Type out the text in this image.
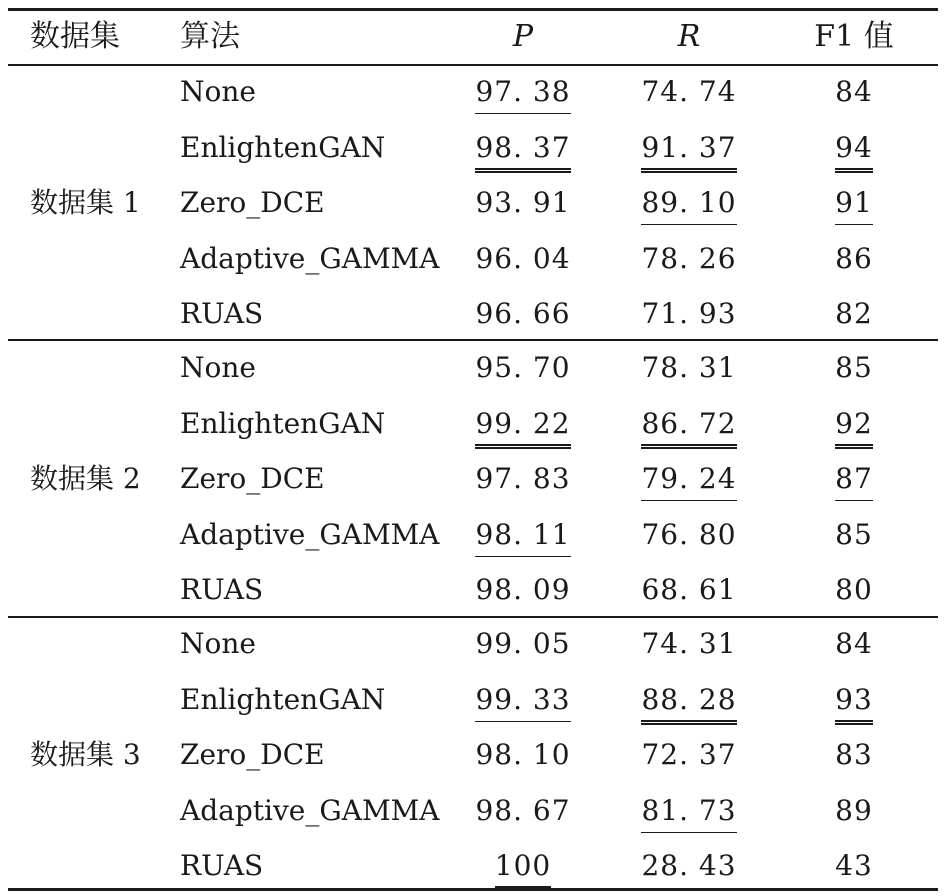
数据集 算法	P	R	F1 值
数据集 1
None	97. 38	74. 74	84
EnlightenGAN	98. 37	91. 37	94
Zero_DCE	93. 91	89. 10	91
Adaptive_GAMMA	96. 04	78. 26	86
RUAS	96. 66	71. 93	82
数据集 2
None	95. 70	78. 31	85
EnlightenGAN	99. 22	86. 72	92
Zero_DCE	97. 83	79. 24	87
Adaptive_GAMMA	98. 11	76. 80	85
RUAS	98. 09	68. 61	80
数据集 3
None	99. 05	74. 31	84
EnlightenGAN	99. 33	88. 28	93
Zero_DCE	98. 10	72. 37	83
Adaptive_GAMMA	98. 67	81. 73	89
RUAS	100	28. 43	43
